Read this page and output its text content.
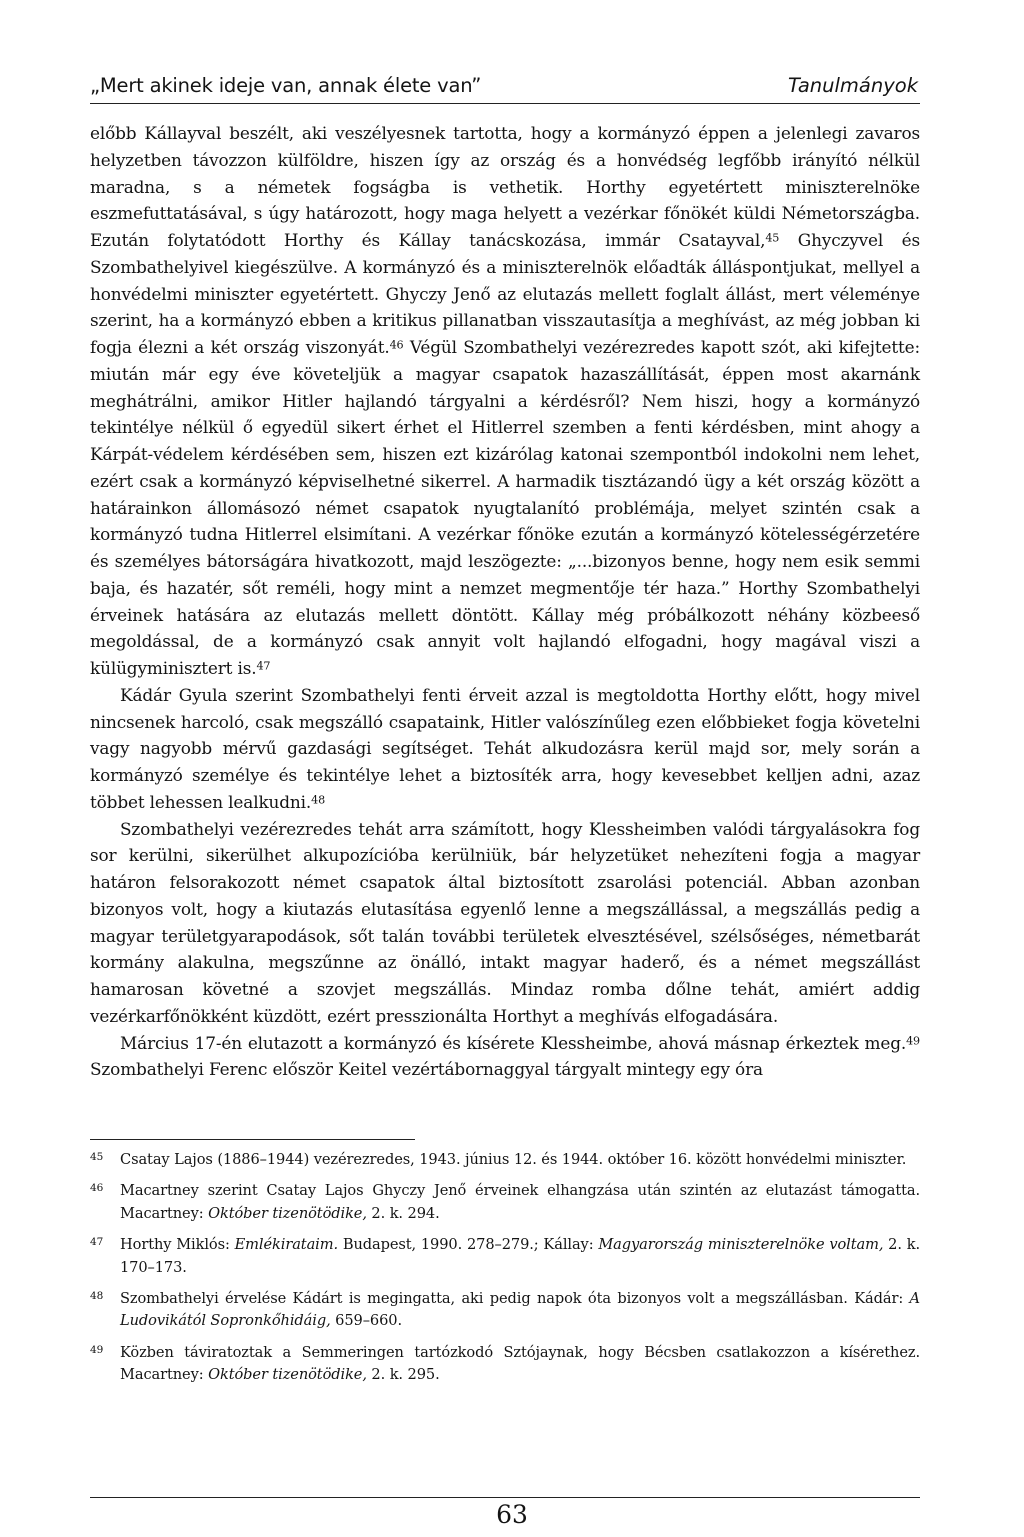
„Mert akinek ideje van, annak élete van”	Tanulmányok

előbb Kállayval beszélt, aki veszélyesnek tartotta, hogy a kormányzó éppen a jelenlegi zavaros helyzetben távozzon külföldre, hiszen így az ország és a honvédség legfőbb irányító nélkül maradna, s a németek fogságba is vethetik. Horthy egyetértett miniszterelnöke eszmefuttatásával, s úgy határozott, hogy maga helyett a vezérkar főnökét küldi Németországba. Ezután folytatódott Horthy és Kállay tanácskozása, immár Csatayval,$^{45}$ Ghyczyvel és Szombathelyivel kiegészülve. A kormányzó és a miniszterelnök előadták álláspontjukat, mellyel a honvédelmi miniszter egyetértett. Ghyczy Jenő az elutazás mellett foglalt állást, mert véleménye szerint, ha a kormányzó ebben a kritikus pillanatban visszautasítja a meghívást, az még jobban ki fogja élezni a két ország viszonyát.$^{46}$ Végül Szombathelyi vezérezredes kapott szót, aki kifejtette: miután már egy éve követeljük a magyar csapatok hazaszállítását, éppen most akarnánk meghátrálni, amikor Hitler hajlandó tárgyalni a kérdésről? Nem hiszi, hogy a kormányzó tekintélye nélkül ő egyedül sikert érhet el Hitlerrel szemben a fenti kérdésben, mint ahogy a Kárpát-védelem kérdésében sem, hiszen ezt kizárólag katonai szempontból indokolni nem lehet, ezért csak a kormányzó képviselhetné sikerrel. A harmadik tisztázandó ügy a két ország között a határainkon állomásozó német csapatok nyugtalanító problémája, melyet szintén csak a kormányzó tudna Hitlerrel elsimítani. A vezérkar főnöke ezután a kormányzó kötelességérzetére és személyes bátorságára hivatkozott, majd leszögezte: „...bizonyos benne, hogy nem esik semmi baja, és hazatér, sőt reméli, hogy mint a nemzet megmentője tér haza.” Horthy Szombathelyi érveinek hatására az elutazás mellett döntött. Kállay még próbálkozott néhány közbeeső megoldással, de a kormányzó csak annyit volt hajlandó elfogadni, hogy magával viszi a külügyminisztert is.$^{47}$

Kádár Gyula szerint Szombathelyi fenti érveit azzal is megtoldotta Horthy előtt, hogy mivel nincsenek harcoló, csak megszálló csapataink, Hitler valószínűleg ezen előbbieket fogja követelni vagy nagyobb mérvű gazdasági segítséget. Tehát alkudozásra kerül majd sor, mely során a kormányzó személye és tekintélye lehet a biztosíték arra, hogy kevesebbet kelljen adni, azaz többet lehessen lealkudni.$^{48}$

Szombathelyi vezérezredes tehát arra számított, hogy Klessheimben valódi tárgyalásokra fog sor kerülni, sikerülhet alkupozícióba kerülniük, bár helyzetüket nehezíteni fogja a magyar határon felsorakozott német csapatok által biztosított zsarolási potenciál. Abban azonban bizonyos volt, hogy a kiutazás elutasítása egyenlő lenne a megszállással, a megszállás pedig a magyar területgyarapodások, sőt talán további területek elvesztésével, szélsőséges, németbarát kormány alakulna, megszűnne az önálló, intakt magyar haderő, és a német megszállást hamarosan követné a szovjet megszállás. Mindaz romba dőlne tehát, amiért addig vezérkarfőnökként küzdött, ezért presszionálta Horthyt a meghívás elfogadására.

Március 17-én elutazott a kormányzó és kísérete Klessheimbe, ahová másnap érkeztek meg.$^{49}$ Szombathelyi Ferenc először Keitel vezértábornaggyal tárgyalt mintegy egy óra

45 Csatay Lajos (1886–1944) vezérezredes, 1943. június 12. és 1944. október 16. között honvédelmi miniszter.
46 Macartney szerint Csatay Lajos Ghyczy Jenő érveinek elhangzása után szintén az elutazást támogatta. Macartney: Október tizenötödike, 2. k. 294.
47 Horthy Miklós: Emlékirataim. Budapest, 1990. 278–279.; Kállay: Magyarország miniszterelnöke voltam, 2. k. 170–173.
48 Szombathelyi érvelése Kádárt is megingatta, aki pedig napok óta bizonyos volt a megszállásban. Kádár: A Ludovikától Sopronkőhidáig, 659–660.
49 Közben táviratoztak a Semmeringen tartózkodó Sztójaynak, hogy Bécsben csatlakozzon a kísérethez. Macartney: Október tizenötödike, 2. k. 295.
63
